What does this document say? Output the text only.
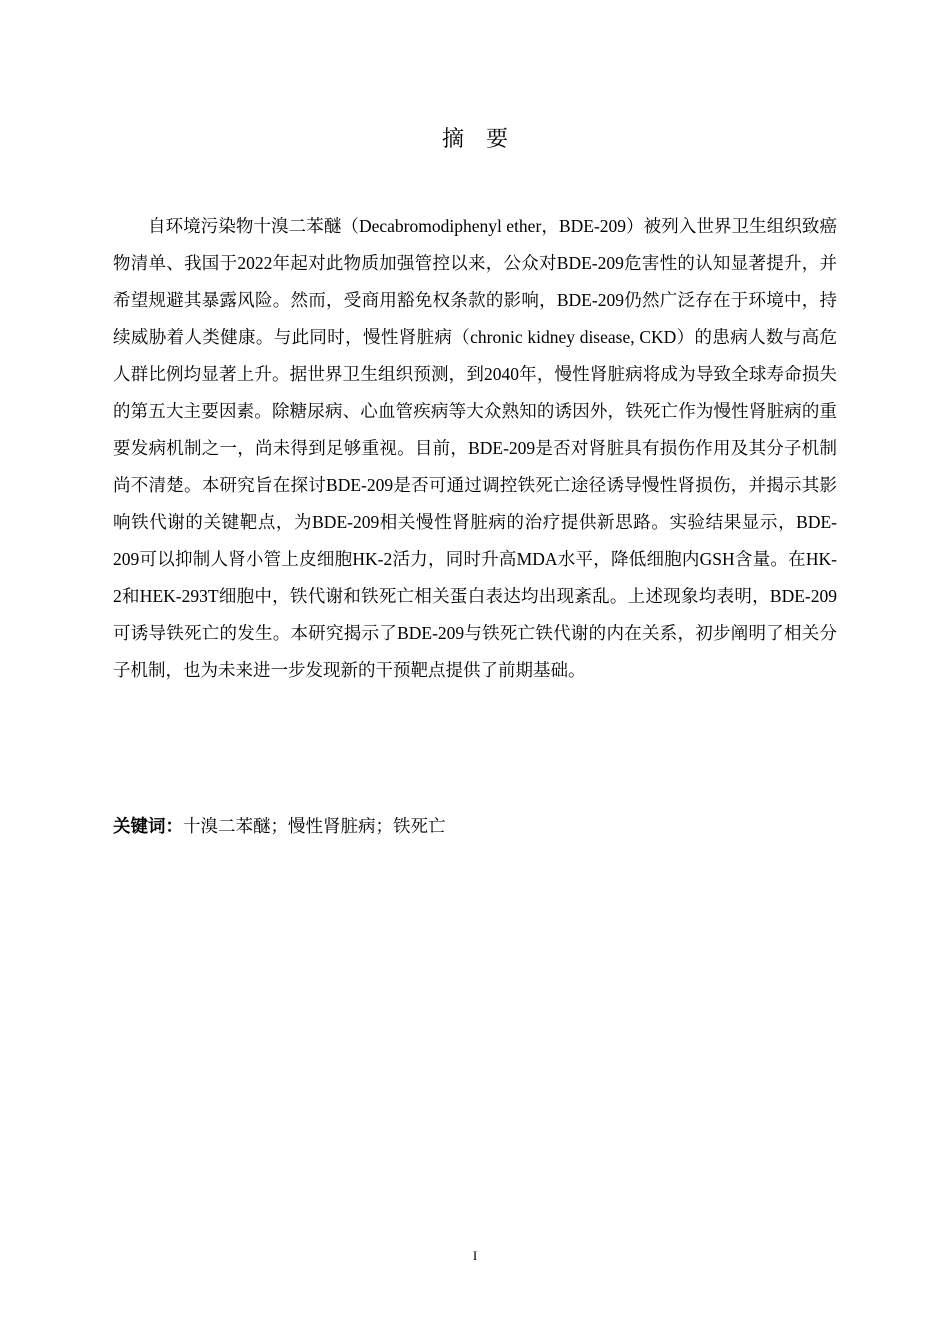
摘要

自环境污染物十溴二苯醚（Decabromodiphenyl ether，BDE-209）被列入世界卫生组织致癌物清单、我国于2022年起对此物质加强管控以来，公众对BDE-209危害性的认知显著提升，并希望规避其暴露风险。然而，受商用豁免权条款的影响，BDE-209仍然广泛存在于环境中，持续威胁着人类健康。与此同时，慢性肾脏病（chronic kidney disease, CKD）的患病人数与高危人群比例均显著上升。据世界卫生组织预测，到2040年，慢性肾脏病将成为导致全球寿命损失的第五大主要因素。除糖尿病、心血管疾病等大众熟知的诱因外，铁死亡作为慢性肾脏病的重要发病机制之一，尚未得到足够重视。目前，BDE-209是否对肾脏具有损伤作用及其分子机制尚不清楚。本研究旨在探讨BDE-209是否可通过调控铁死亡途径诱导慢性肾损伤，并揭示其影响铁代谢的关键靶点，为BDE-209相关慢性肾脏病的治疗提供新思路。实验结果显示，BDE-209可以抑制人肾小管上皮细胞HK-2活力，同时升高MDA水平，降低细胞内GSH含量。在HK-2和HEK-293T细胞中，铁代谢和铁死亡相关蛋白表达均出现紊乱。上述现象均表明，BDE-209可诱导铁死亡的发生。本研究揭示了BDE-209与铁死亡铁代谢的内在关系，初步阐明了相关分子机制，也为未来进一步发现新的干预靶点提供了前期基础。

关键词：十溴二苯醚；慢性肾脏病；铁死亡
I
